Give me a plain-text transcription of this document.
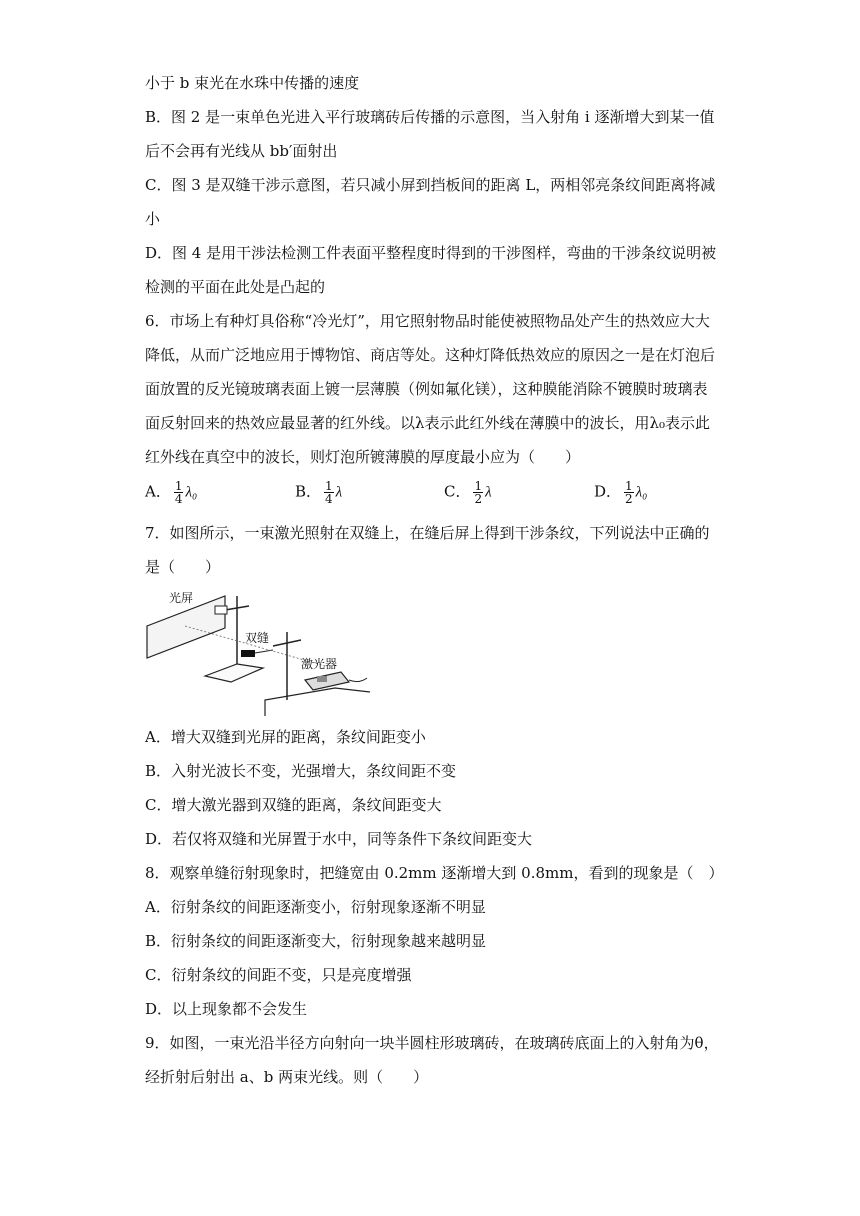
小于 b 束光在水珠中传播的速度
B．图 2 是一束单色光进入平行玻璃砖后传播的示意图，当入射角 i 逐渐增大到某一值
后不会再有光线从 bb′面射出
C．图 3 是双缝干涉示意图，若只减小屏到挡板间的距离 L，两相邻亮条纹间距离将减
小
D．图 4 是用干涉法检测工件表面平整程度时得到的干涉图样，弯曲的干涉条纹说明被
检测的平面在此处是凸起的
6．市场上有种灯具俗称“冷光灯”，用它照射物品时能使被照物品处产生的热效应大大
降低，从而广泛地应用于博物馆、商店等处。这种灯降低热效应的原因之一是在灯泡后
面放置的反光镜玻璃表面上镀一层薄膜（例如氟化镁），这种膜能消除不镀膜时玻璃表
面反射回来的热效应最显著的红外线。以λ表示此红外线在薄膜中的波长，用λ₀表示此
红外线在真空中的波长，则灯泡所镀薄膜的厚度最小应为（　　）
A． $\frac{1}{4} \lambda_0$	B． $\frac{1}{4}$ λ	C． $\frac{1}{2}$ λ	D． $\frac{1}{2} \lambda_0$
7．如图所示，一束激光照射在双缝上，在缝后屏上得到干涉条纹，下列说法中正确的
是（　　）
光屏
双缝
激光器
A．增大双缝到光屏的距离，条纹间距变小
B．入射光波长不变，光强增大，条纹间距不变
C．增大激光器到双缝的距离，条纹间距变大
D．若仅将双缝和光屏置于水中，同等条件下条纹间距变大
8．观察单缝衍射现象时，把缝宽由 0.2mm 逐渐增大到 0.8mm，看到的现象是（　）
A．衍射条纹的间距逐渐变小，衍射现象逐渐不明显
B．衍射条纹的间距逐渐变大，衍射现象越来越明显
C．衍射条纹的间距不变，只是亮度增强
D．以上现象都不会发生
9．如图，一束光沿半径方向射向一块半圆柱形玻璃砖，在玻璃砖底面上的入射角为θ，
经折射后射出 a、b 两束光线。则（　　）
